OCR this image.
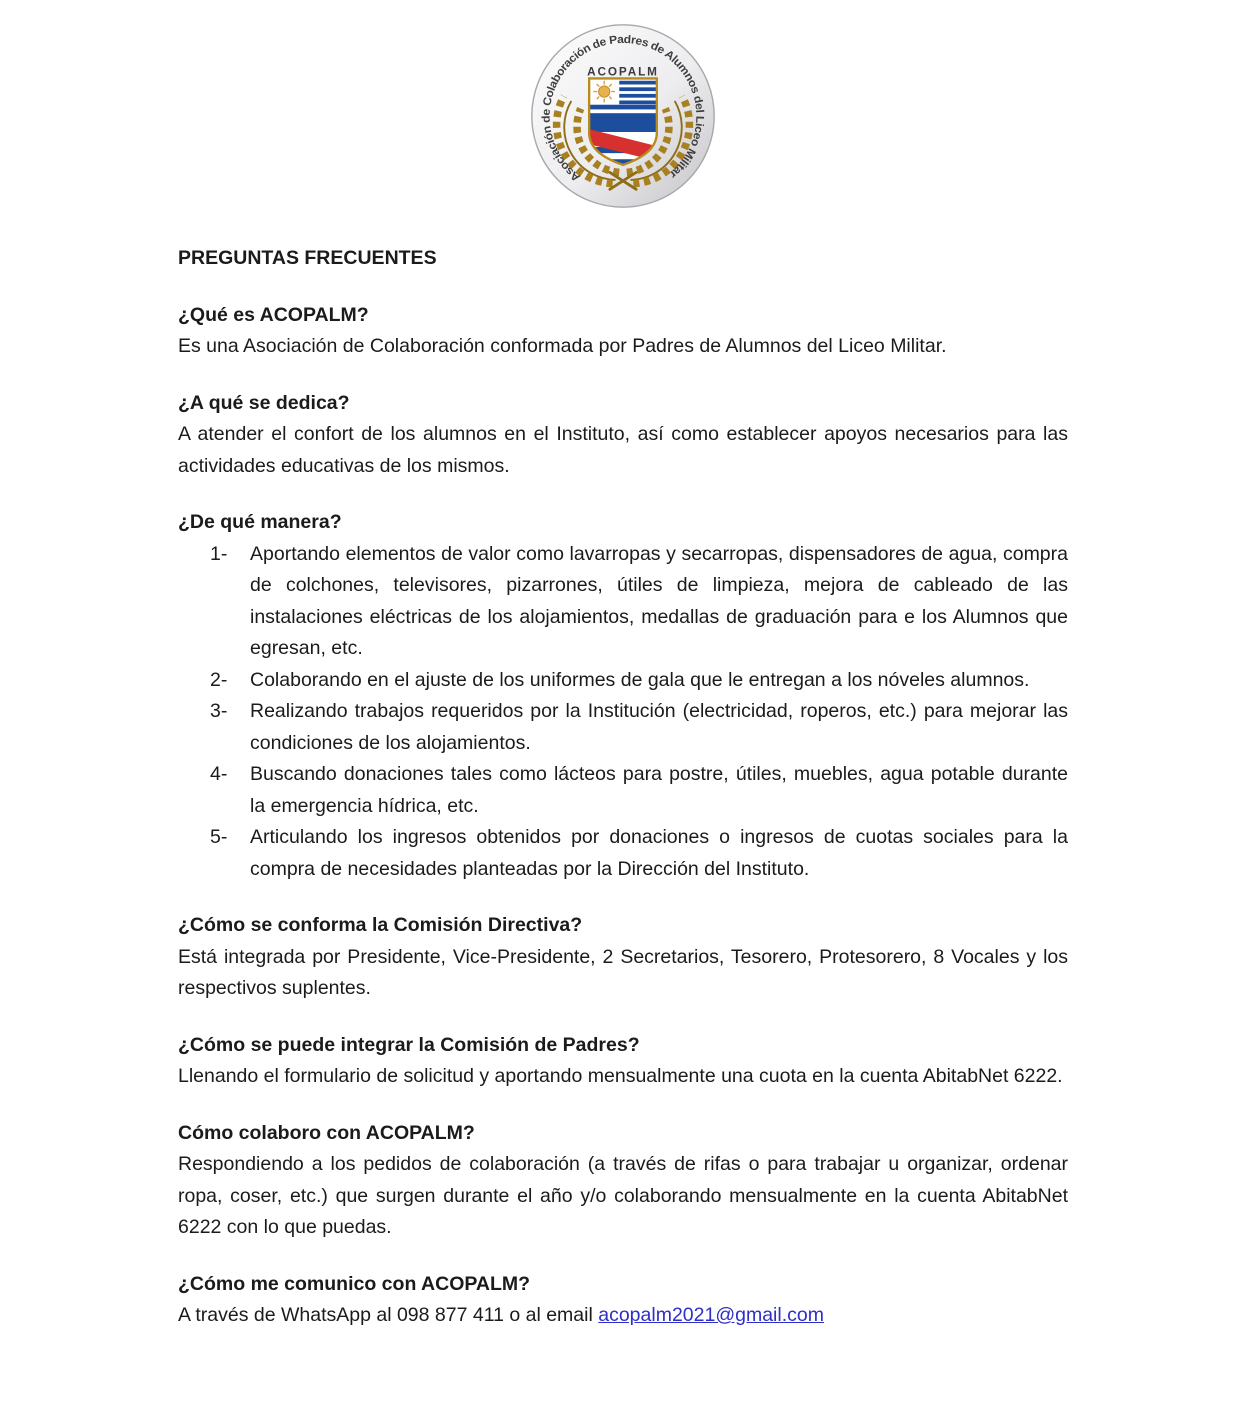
Asociación de Colaboración de Padres de Alumnos del Liceo Militar
ACOPALM
PREGUNTAS FRECUENTES
¿Qué es ACOPALM?

Es una Asociación de Colaboración conformada por Padres de Alumnos del Liceo Militar.

¿A qué se dedica?

A atender el confort de los alumnos en el Instituto, así como establecer apoyos necesarios para las actividades educativas de los mismos.

¿De qué manera?
1-	Aportando elementos de valor como lavarropas y secarropas, dispensadores de agua, compra de colchones, televisores, pizarrones, útiles de limpieza, mejora de cableado de las instalaciones eléctricas de los alojamientos, medallas de graduación para e los Alumnos que egresan, etc.
2-	Colaborando en el ajuste de los uniformes de gala que le entregan a los nóveles alumnos.
3-	Realizando trabajos requeridos por la Institución (electricidad, roperos, etc.) para mejorar las condiciones de los alojamientos.
4-	Buscando donaciones tales como lácteos para postre, útiles, muebles, agua potable durante la emergencia hídrica, etc.
5-	Articulando los ingresos obtenidos por donaciones o ingresos de cuotas sociales para la compra de necesidades planteadas por la Dirección del Instituto.
¿Cómo se conforma la Comisión Directiva?

Está integrada por Presidente, Vice-Presidente, 2 Secretarios, Tesorero, Protesorero, 8 Vocales y los respectivos suplentes.

¿Cómo se puede integrar la Comisión de Padres?

Llenando el formulario de solicitud y aportando mensualmente una cuota en la cuenta AbitabNet 6222.

Cómo colaboro con ACOPALM?

Respondiendo a los pedidos de colaboración (a través de rifas o para trabajar u organizar, ordenar ropa, coser, etc.) que surgen durante el año y/o colaborando mensualmente en la cuenta AbitabNet 6222 con lo que puedas.

¿Cómo me comunico con ACOPALM?

A través de WhatsApp al 098 877 411 o al email acopalm2021@gmail.com
